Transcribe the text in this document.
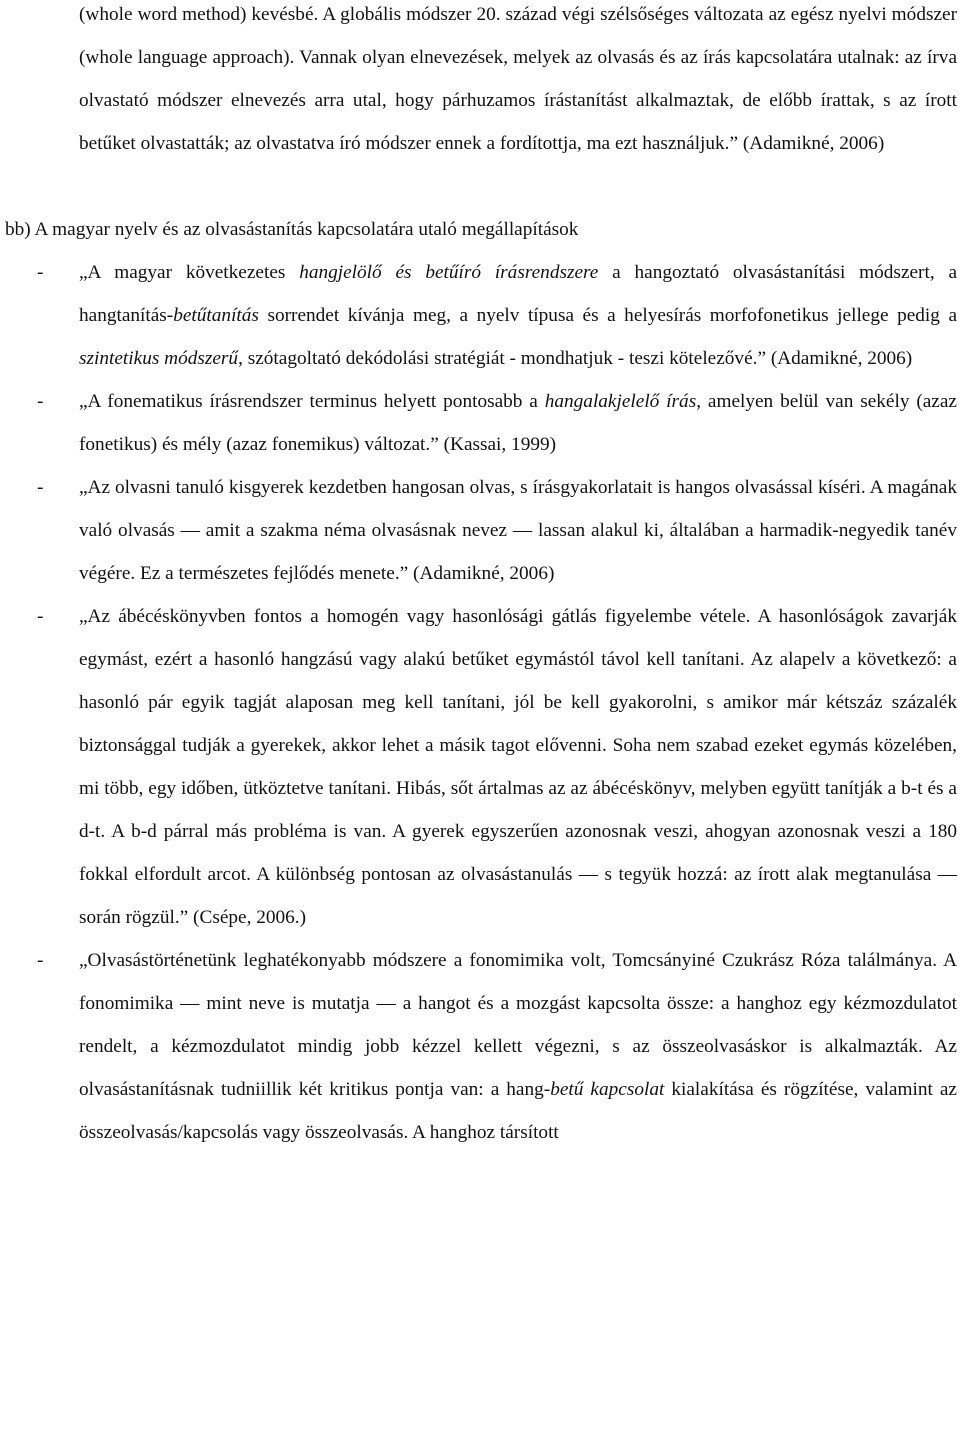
(whole word method) kevésbé. A globális módszer 20. század végi szélsőséges változata az egész nyelvi módszer (whole language approach). Vannak olyan elnevezések, melyek az olvasás és az írás kapcsolatára utalnak: az írva olvastató módszer elnevezés arra utal, hogy párhuzamos írástanítást alkalmaztak, de előbb írattak, s az írott betűket olvastatták; az olvastatva író módszer ennek a fordítottja, ma ezt használjuk.” (Adamikné, 2006)

bb) A magyar nyelv és az olvasástanítás kapcsolatára utaló megállapítások

- „A magyar következetes hangjelölő és betűíró írásrendszere a hangoztató olvasástanítási módszert, a hangtanítás-betűtanítás sorrendet kívánja meg, a nyelv típusa és a helyesírás morfofonetikus jellege pedig a szintetikus módszerű, szótagoltató dekódolási stratégiát - mondhatjuk - teszi kötelezővé.” (Adamikné, 2006)
- „A fonematikus írásrendszer terminus helyett pontosabb a hangalakjelelő írás, amelyen belül van sekély (azaz fonetikus) és mély (azaz fonemikus) változat.” (Kassai, 1999)
- „Az olvasni tanuló kisgyerek kezdetben hangosan olvas, s írásgyakorlatait is hangos olvasással kíséri. A magának való olvasás — amit a szakma néma olvasásnak nevez — lassan alakul ki, általában a harmadik-negyedik tanév végére. Ez a természetes fejlődés menete.” (Adamikné, 2006)
- „Az ábécéskönyvben fontos a homogén vagy hasonlósági gátlás figyelembe vétele. A hasonlóságok zavarják egymást, ezért a hasonló hangzású vagy alakú betűket egymástól távol kell tanítani. Az alapelv a következő: a hasonló pár egyik tagját alaposan meg kell tanítani, jól be kell gyakorolni, s amikor már kétszáz százalék biztonsággal tudják a gyerekek, akkor lehet a másik tagot elővenni. Soha nem szabad ezeket egymás közelében, mi több, egy időben, ütköztetve tanítani. Hibás, sőt ártalmas az az ábécéskönyv, melyben együtt tanítják a b-t és a d-t. A b-d párral más probléma is van. A gyerek egyszerűen azonosnak veszi, ahogyan azonosnak veszi a 180 fokkal elfordult arcot. A különbség pontosan az olvasástanulás — s tegyük hozzá: az írott alak megtanulása — során rögzül.” (Csépe, 2006.)
- „Olvasástörténetünk leghatékonyabb módszere a fonomimika volt, Tomcsányiné Czukrász Róza találmánya. A fonomimika — mint neve is mutatja — a hangot és a mozgást kapcsolta össze: a hanghoz egy kézmozdulatot rendelt, a kézmozdulatot mindig jobb kézzel kellett végezni, s az összeolvasáskor is alkalmazták. Az olvasástanításnak tudniillik két kritikus pontja van: a hang-betű kapcsolat kialakítása és rögzítése, valamint az összeolvasás/kapcsolás vagy összeolvasás. A hanghoz társított
